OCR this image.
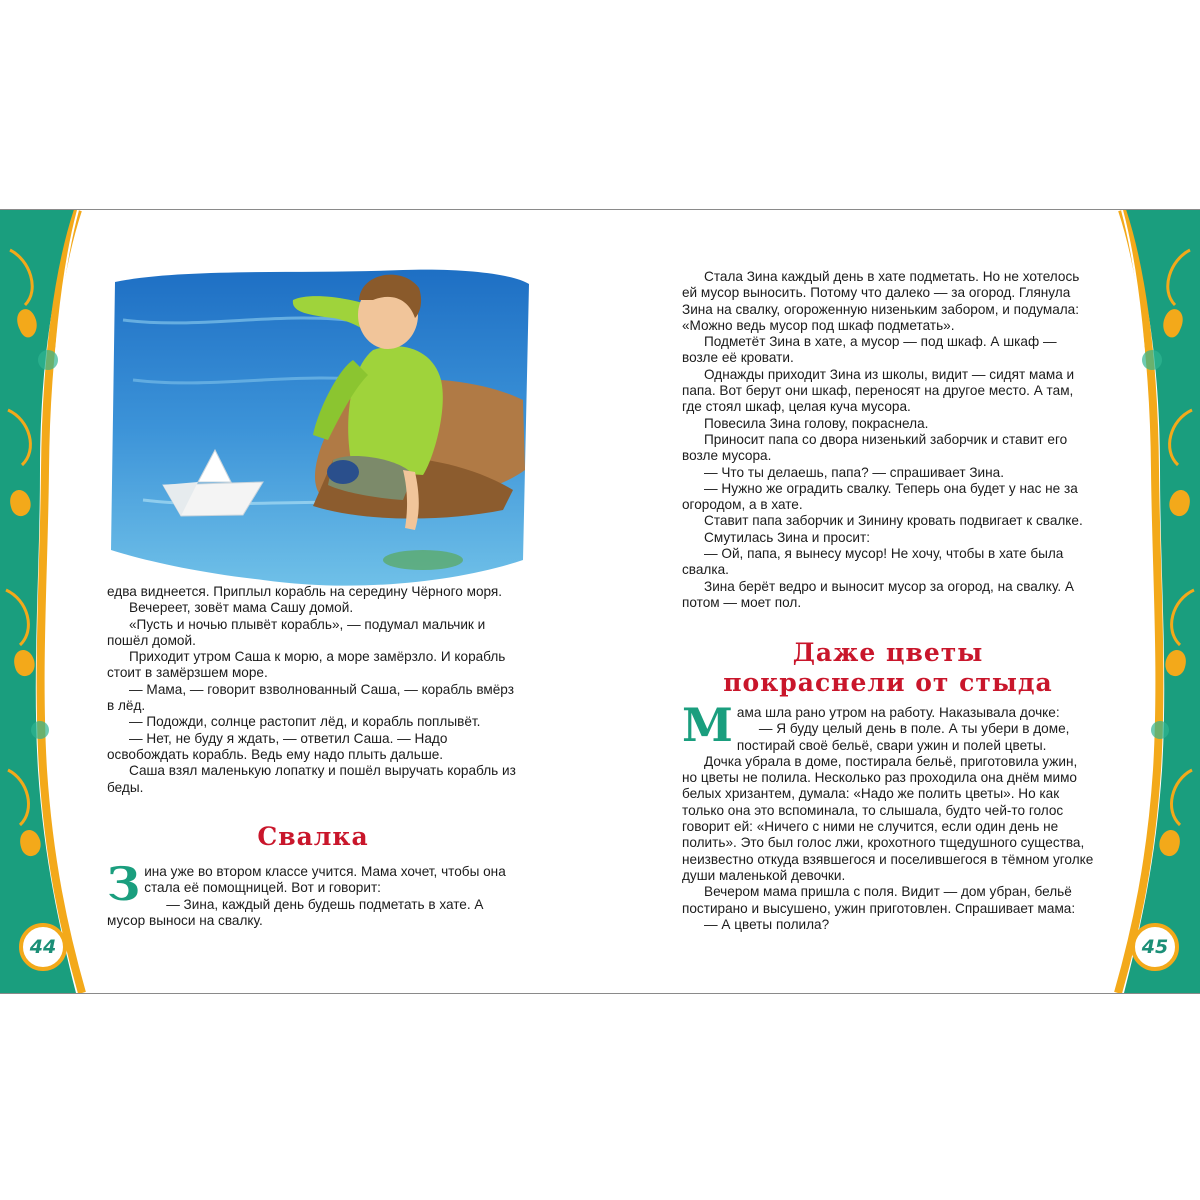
едва виднеется. Приплыл корабль на середину Чёрного моря.

Вечереет, зовёт мама Сашу домой.

«Пусть и ночью плывёт корабль», — подумал мальчик и пошёл домой.

Приходит утром Саша к морю, а море замёрзло. И корабль стоит в замёрзшем море.

— Мама, — говорит взволнованный Саша, — корабль вмёрз в лёд.

— Подожди, солнце растопит лёд, и корабль поплывёт.

— Нет, не буду я ждать, — ответил Саша. — Надо освобождать корабль. Ведь ему надо плыть дальше.

Саша взял маленькую лопатку и пошёл выручать корабль из беды.

Свалка

Зина уже во втором классе учится. Мама хочет, чтобы она стала её помощницей. Вот и говорит:

— Зина, каждый день будешь подметать в хате. А мусор выноси на свалку.

Стала Зина каждый день в хате подметать. Но не хотелось ей мусор выносить. Потому что далеко — за огород. Глянула Зина на свалку, огороженную низеньким забором, и подумала: «Можно ведь мусор под шкаф подметать».

Подметёт Зина в хате, а мусор — под шкаф. А шкаф — возле её кровати.

Однажды приходит Зина из школы, видит — сидят мама и папа. Вот берут они шкаф, переносят на другое место. А там, где стоял шкаф, целая куча мусора.

Повесила Зина голову, покраснела.

Приносит папа со двора низенький заборчик и ставит его возле мусора.

— Что ты делаешь, папа? — спрашивает Зина.

— Нужно же оградить свалку. Теперь она будет у нас не за огородом, а в хате.

Ставит папа заборчик и Зинину кровать подвигает к свалке.

Смутилась Зина и просит:

— Ой, папа, я вынесу мусор! Не хочу, чтобы в хате была свалка.

Зина берёт ведро и выносит мусор за огород, на свалку. А потом — моет пол.

Даже цветы
покраснели от стыда

Мама шла рано утром на работу. Наказывала дочке:

— Я буду целый день в поле. А ты убери в доме, постирай своё бельё, свари ужин и полей цветы.

Дочка убрала в доме, постирала бельё, приготовила ужин, но цветы не полила. Несколько раз проходила она днём мимо белых хризантем, думала: «Надо же полить цветы». Но как только она это вспоминала, то слышала, будто чей-то голос говорит ей: «Ничего с ними не случится, если один день не полить». Это был голос лжи, крохотного тщедушного существа, неизвестно откуда взявшегося и поселившегося в тёмном уголке души маленькой девочки.

Вечером мама пришла с поля. Видит — дом убран, бельё постирано и высушено, ужин приготовлен. Спрашивает мама:

— А цветы полила?

44	45
